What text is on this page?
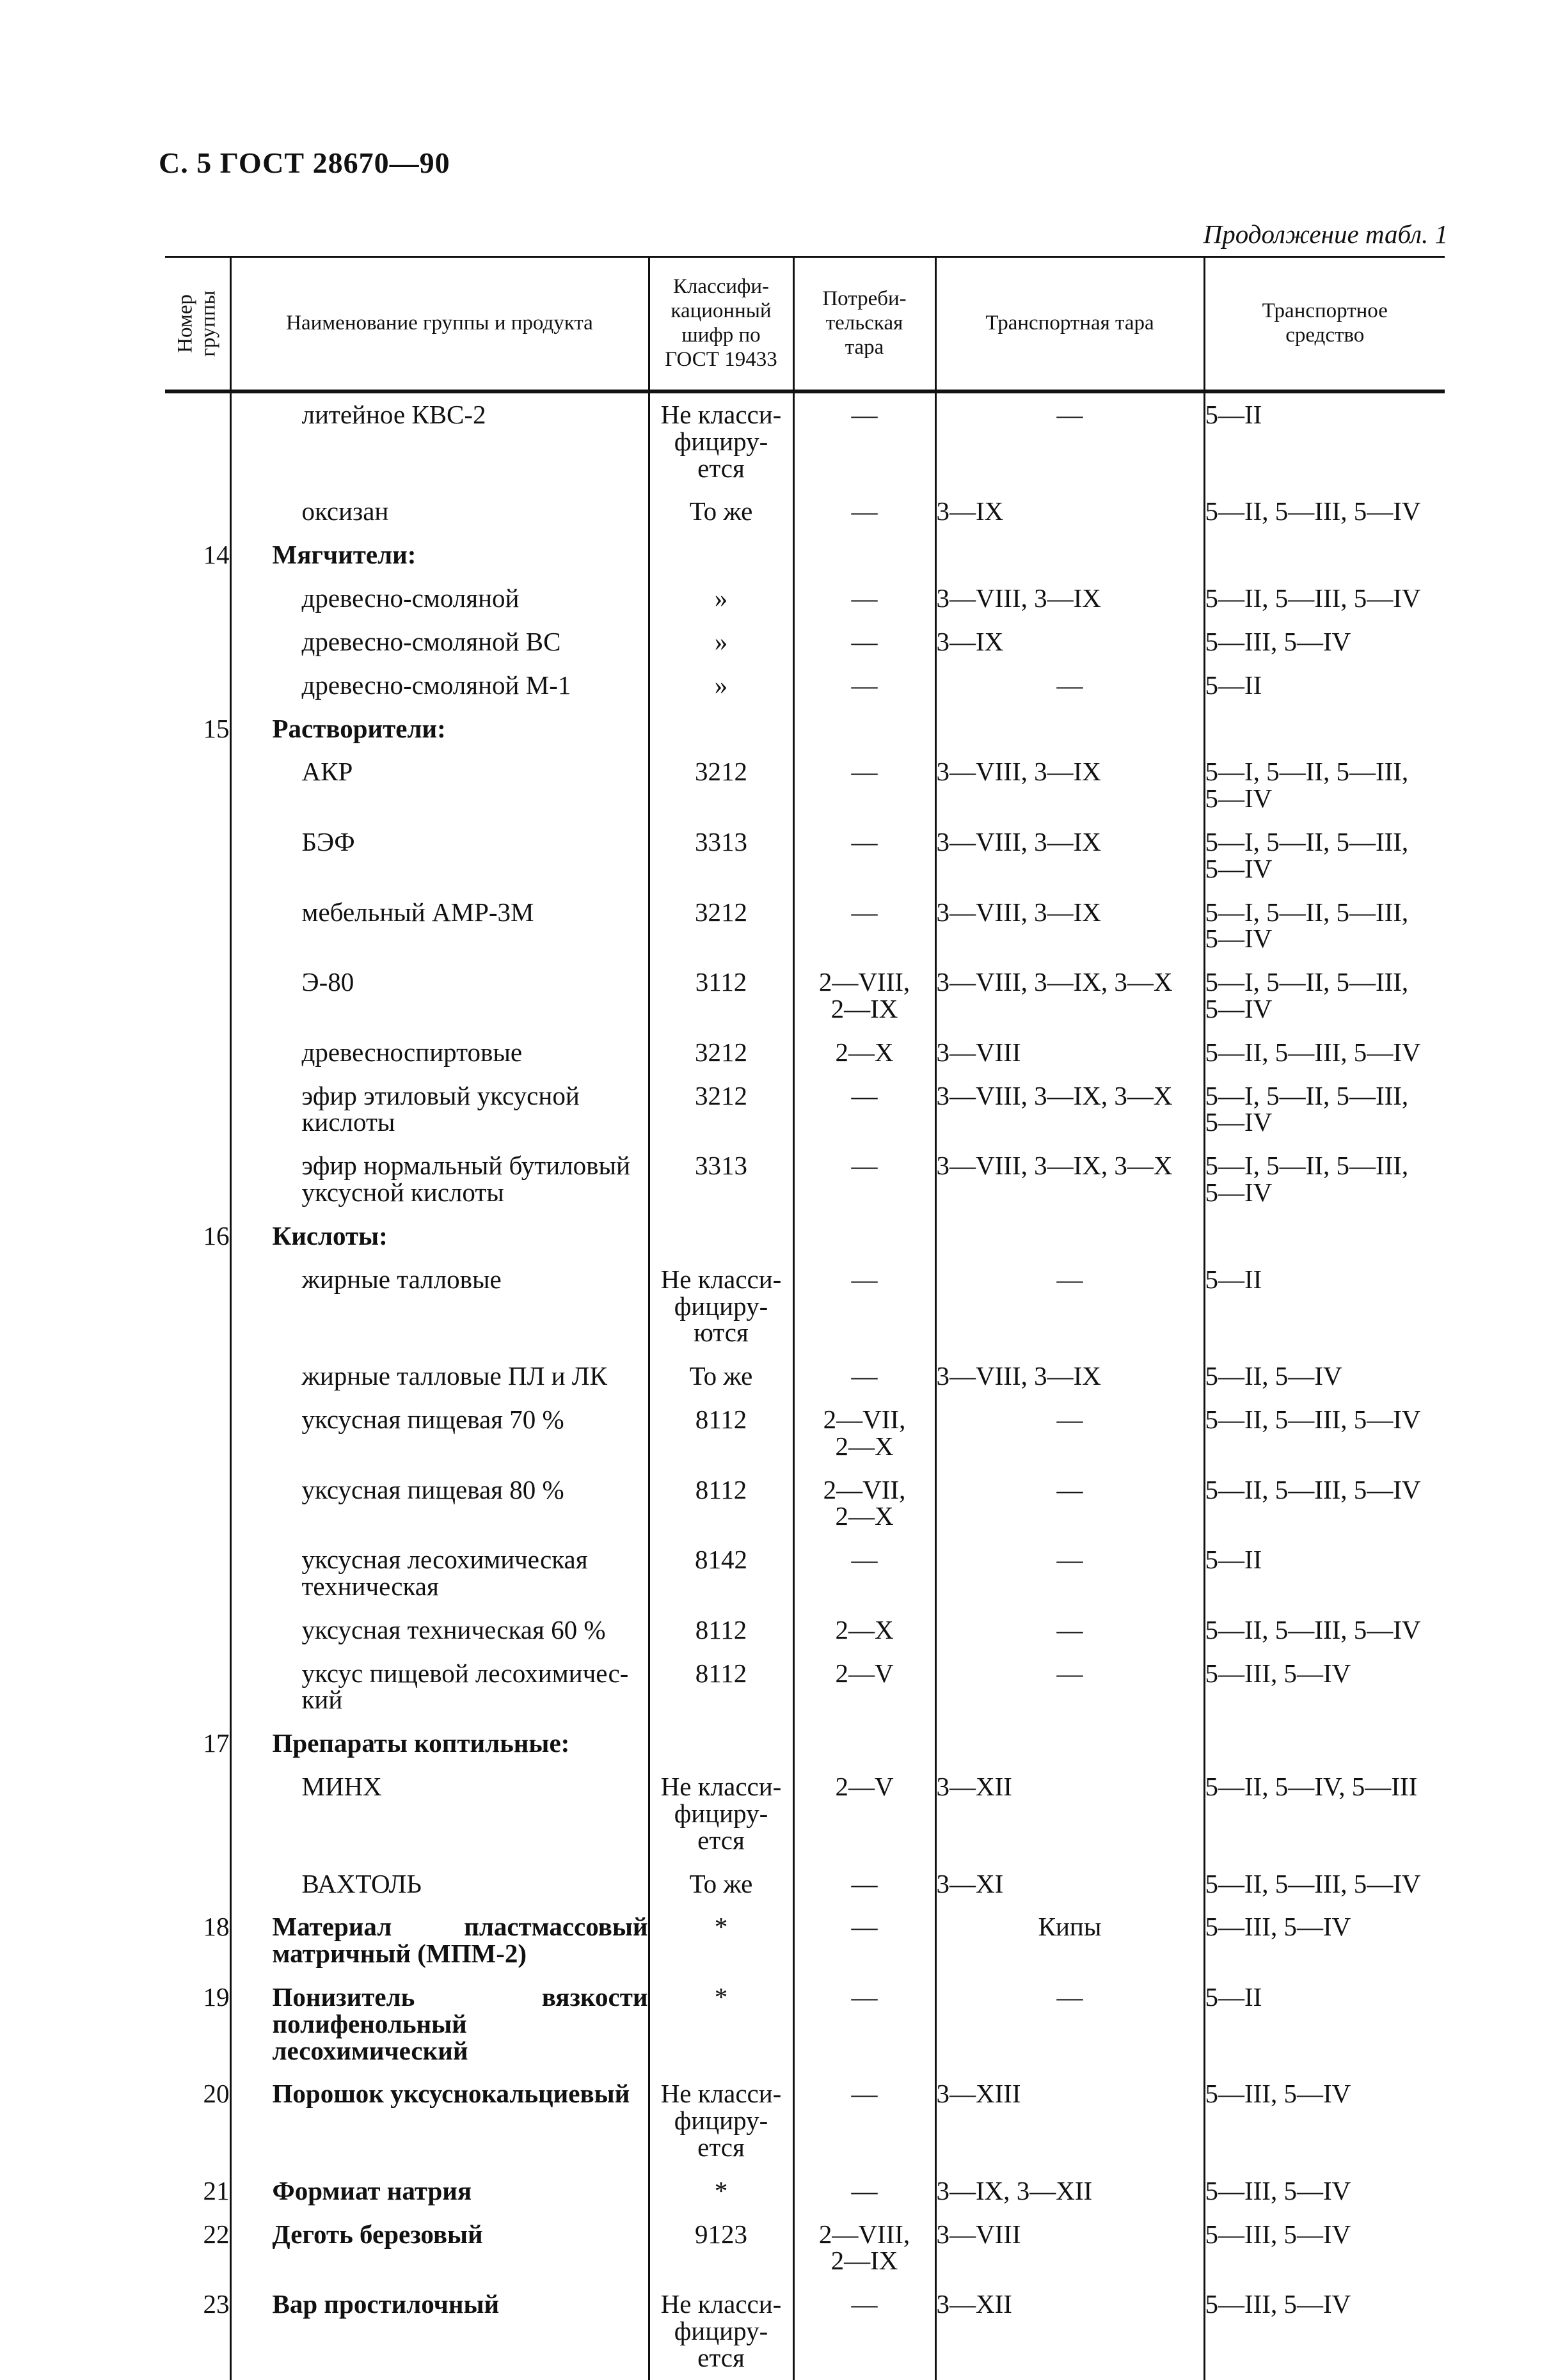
С. 5 ГОСТ 28670—90
Продолжение табл. 1
Номер
группы	Наименование группы и продукта	Классифи-
кационный
шифр по
ГОСТ 19433	Потреби-
тельская
тара	Транспортная тара	Транспортное
средство

	литейное КВС-2	Не класси-
фициру-
ется	—	—	5—II

	оксизан	То же	—	3—IX	5—II, 5—III, 5—IV

14	Мягчители:				

	древесно-смоляной	»	—	3—VIII, 3—IX	5—II, 5—III, 5—IV

	древесно-смоляной ВС	»	—	3—IX	5—III, 5—IV

	древесно-смоляной М-1	»	—	—	5—II

15	Растворители:				

	АКР	3212	—	3—VIII, 3—IX	5—I, 5—II, 5—III,
5—IV

	БЭФ	3313	—	3—VIII, 3—IX	5—I, 5—II, 5—III,
5—IV

	мебельный АМР-3М	3212	—	3—VIII, 3—IX	5—I, 5—II, 5—III,
5—IV

	Э-80	3112	2—VIII,
2—IX	3—VIII, 3—IX, 3—X	5—I, 5—II, 5—III,
5—IV

	древесноспиртовые	3212	2—X	3—VIII	5—II, 5—III, 5—IV

	эфир этиловый уксусной
кислоты	3212	—	3—VIII, 3—IX, 3—X	5—I, 5—II, 5—III,
5—IV

	эфир нормальный бутиловый
уксусной кислоты	3313	—	3—VIII, 3—IX, 3—X	5—I, 5—II, 5—III,
5—IV

16	Кислоты:				

	жирные талловые	Не класси-
фициру-
ются	—	—	5—II

	жирные талловые ПЛ и ЛК	То же	—	3—VIII, 3—IX	5—II, 5—IV

	уксусная пищевая 70 %	8112	2—VII,
2—X	—	5—II, 5—III, 5—IV

	уксусная пищевая 80 %	8112	2—VII,
2—X	—	5—II, 5—III, 5—IV

	уксусная лесохимическая
техническая	8142	—	—	5—II

	уксусная техническая 60 %	8112	2—X	—	5—II, 5—III, 5—IV

	уксус пищевой лесохимичес-
кий	8112	2—V	—	5—III, 5—IV

17	Препараты коптильные:				

	МИНХ	Не класси-
фициру-
ется	2—V	3—XII	5—II, 5—IV, 5—III

	ВАХТОЛЬ	То же	—	3—XI	5—II, 5—III, 5—IV

18	Материал пластмассовый матричный (МПМ-2)	*	—	Кипы	5—III, 5—IV

19	Понизитель вязкости полифенольный лесохимический	*	—	—	5—II

20	Порошок уксуснокальциевый	Не класси-
фициру-
ется	—	3—XIII	5—III, 5—IV

21	Формиат натрия	*	—	3—IX, 3—XII	5—III, 5—IV

22	Деготь березовый	9123	2—VIII,
2—IX	3—VIII	5—III, 5—IV

23	Вар простилочный	Не класси-
фициру-
ется	—	3—XII	5—III, 5—IV
